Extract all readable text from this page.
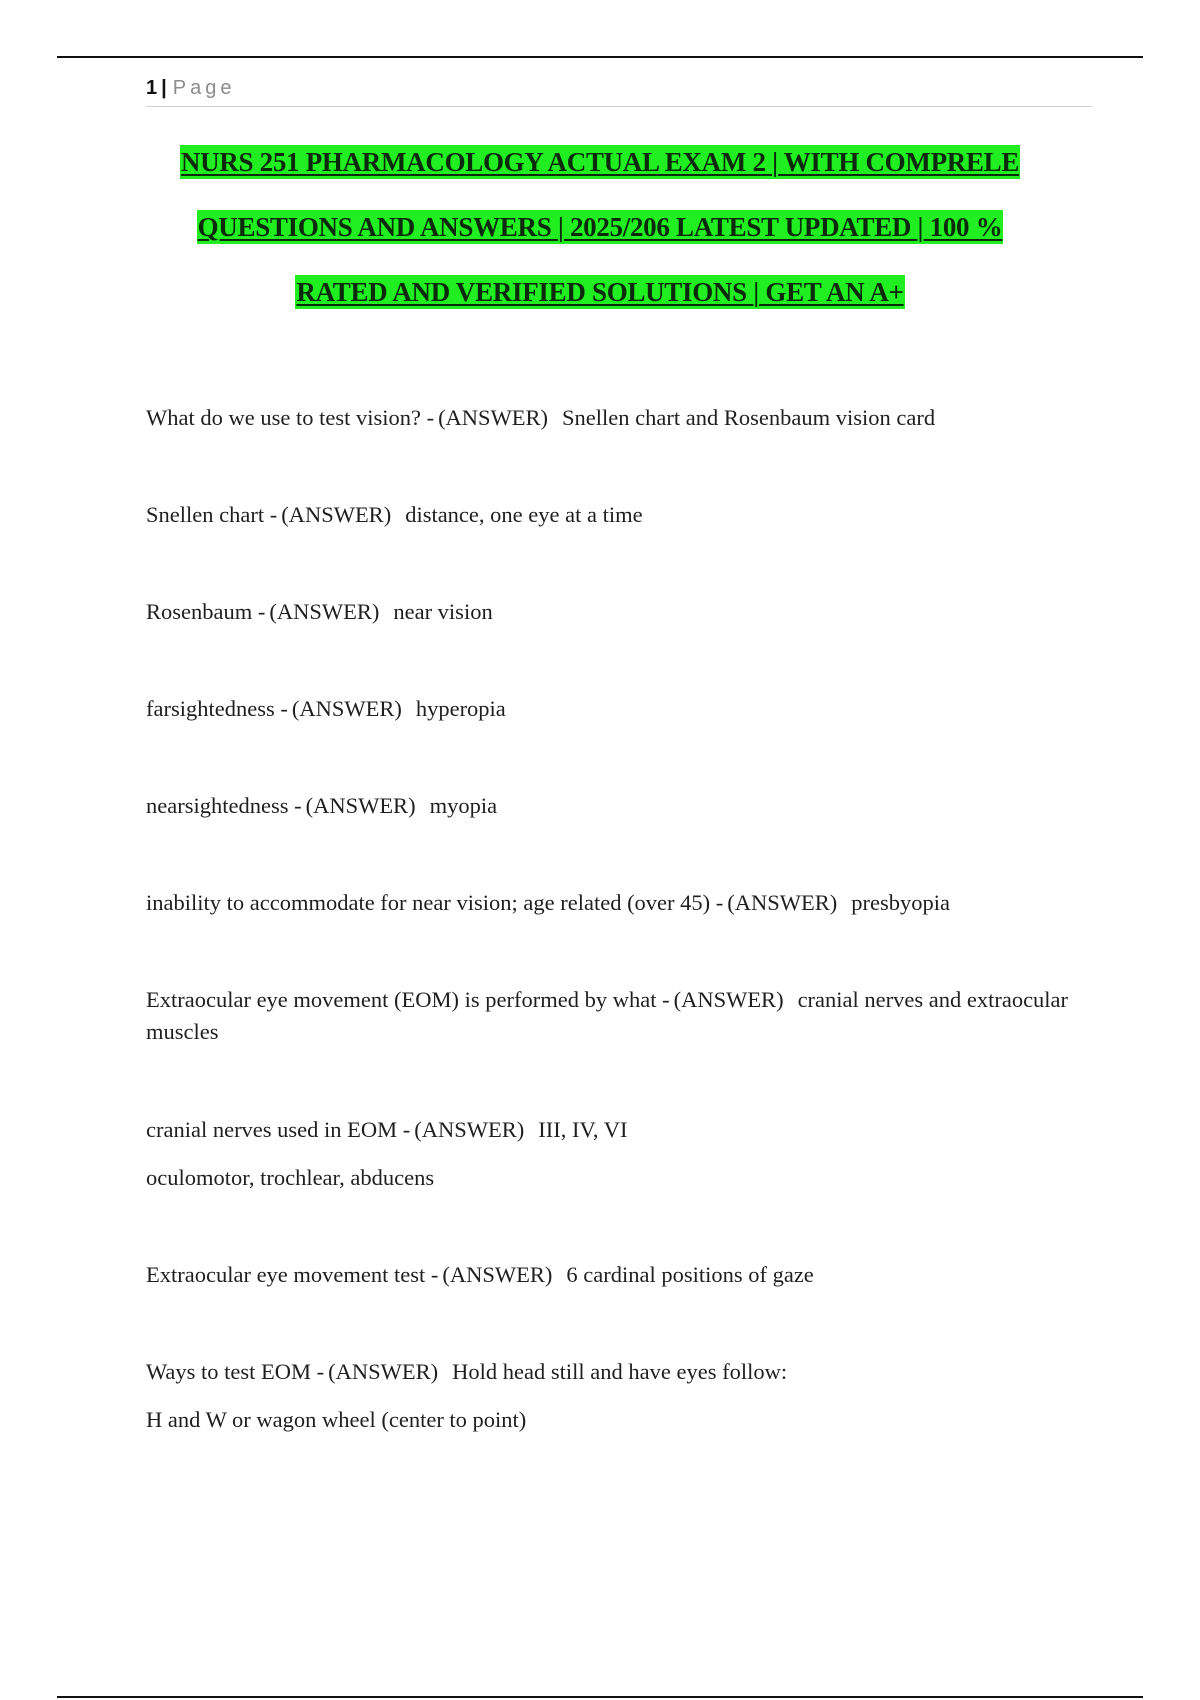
1 | Page
NURS 251 PHARMACOLOGY ACTUAL EXAM 2 | WITH COMPRELE
QUESTIONS AND ANSWERS | 2025/206 LATEST UPDATED | 100 %
RATED AND VERIFIED SOLUTIONS | GET AN A+
What do we use to test vision? - (ANSWER) Snellen chart and Rosenbaum vision card
Snellen chart - (ANSWER) distance, one eye at a time
Rosenbaum - (ANSWER) near vision
farsightedness - (ANSWER) hyperopia
nearsightedness - (ANSWER) myopia
inability to accommodate for near vision; age related (over 45) - (ANSWER) presbyopia
Extraocular eye movement (EOM) is performed by what - (ANSWER) cranial nerves and extraocular muscles
cranial nerves used in EOM - (ANSWER) III, IV, VI
oculomotor, trochlear, abducens
Extraocular eye movement test - (ANSWER) 6 cardinal positions of gaze
Ways to test EOM - (ANSWER) Hold head still and have eyes follow:
H and W or wagon wheel (center to point)
